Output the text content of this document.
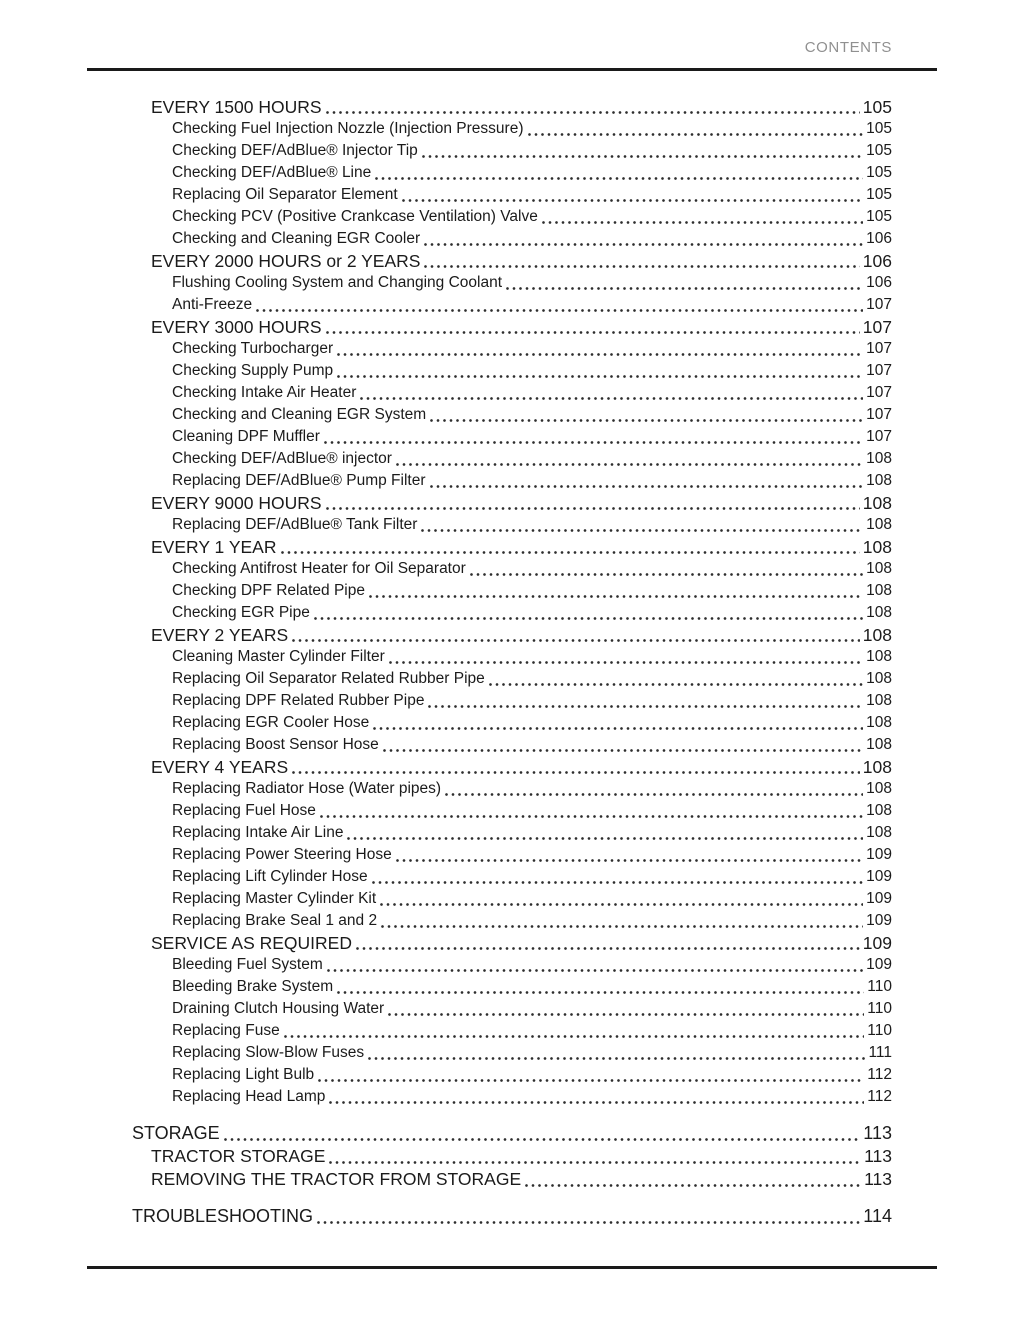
CONTENTS
EVERY 1500 HOURS	105
Checking Fuel Injection Nozzle (Injection Pressure)	105
Checking DEF/AdBlue® Injector Tip	105
Checking DEF/AdBlue® Line	105
Replacing Oil Separator Element	105
Checking PCV (Positive Crankcase Ventilation) Valve	105
Checking and Cleaning EGR Cooler	106
EVERY 2000 HOURS or 2 YEARS	106
Flushing Cooling System and Changing Coolant	106
Anti-Freeze	107
EVERY 3000 HOURS	107
Checking Turbocharger	107
Checking Supply Pump	107
Checking Intake Air Heater	107
Checking and Cleaning EGR System	107
Cleaning DPF Muffler	107
Checking DEF/AdBlue® injector	108
Replacing DEF/AdBlue® Pump Filter	108
EVERY 9000 HOURS	108
Replacing DEF/AdBlue® Tank Filter	108
EVERY 1 YEAR	108
Checking Antifrost Heater for Oil Separator	108
Checking DPF Related Pipe	108
Checking EGR Pipe	108
EVERY 2 YEARS	108
Cleaning Master Cylinder Filter	108
Replacing Oil Separator Related Rubber Pipe	108
Replacing DPF Related Rubber Pipe	108
Replacing EGR Cooler Hose	108
Replacing Boost Sensor Hose	108
EVERY 4 YEARS	108
Replacing Radiator Hose (Water pipes)	108
Replacing Fuel Hose	108
Replacing Intake Air Line	108
Replacing Power Steering Hose	109
Replacing Lift Cylinder Hose	109
Replacing Master Cylinder Kit	109
Replacing Brake Seal 1 and 2	109
SERVICE AS REQUIRED	109
Bleeding Fuel System	109
Bleeding Brake System	110
Draining Clutch Housing Water	110
Replacing Fuse	110
Replacing Slow-Blow Fuses	111
Replacing Light Bulb	112
Replacing Head Lamp	112
STORAGE	113
TRACTOR STORAGE	113
REMOVING THE TRACTOR FROM STORAGE	113
TROUBLESHOOTING	114
